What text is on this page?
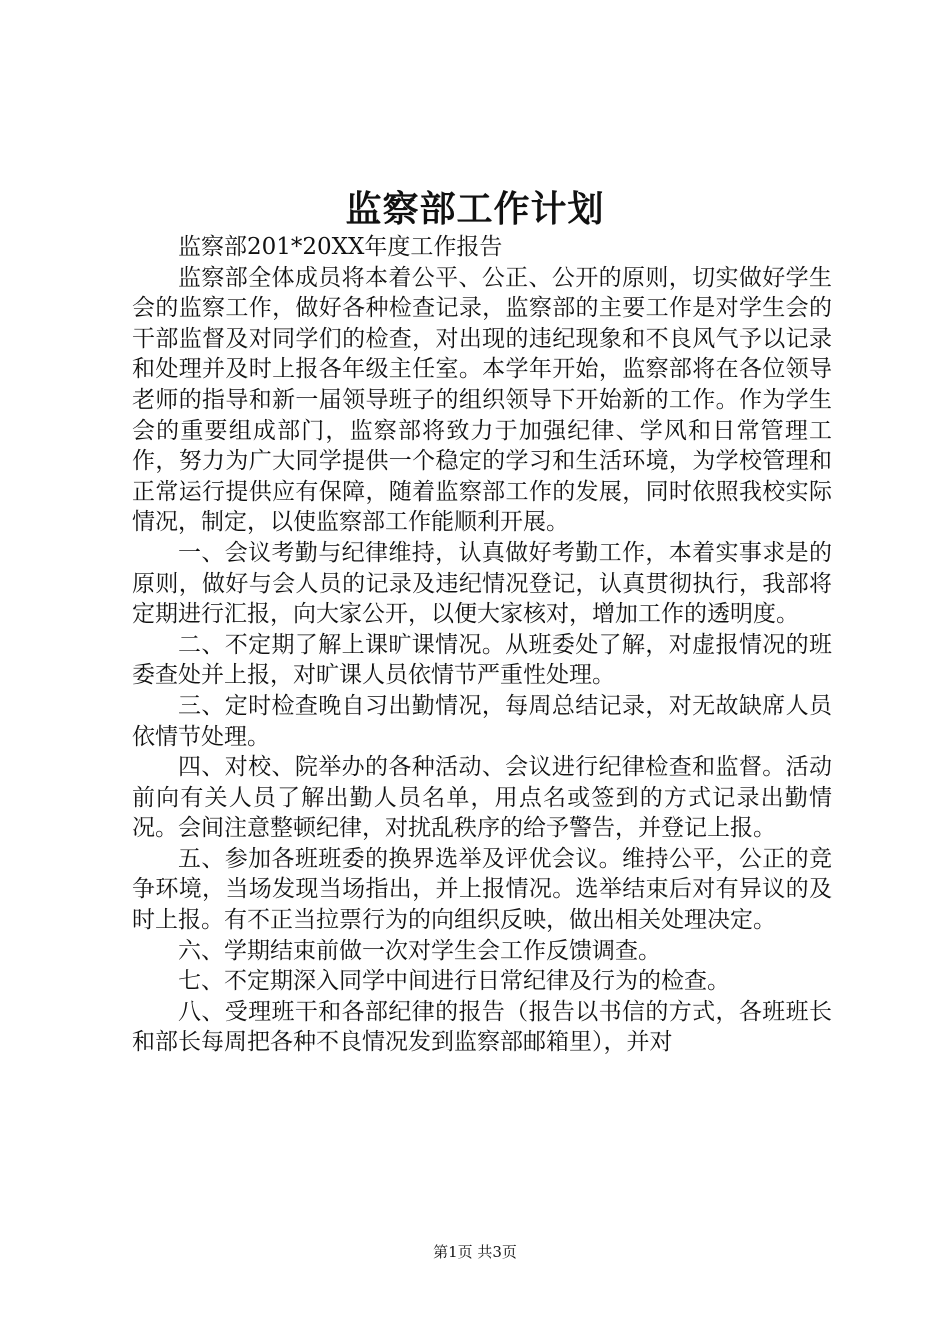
监察部工作计划

监察部201*20XX年度工作报告

监察部全体成员将本着公平、公正、公开的原则，切实做好学生会的监察工作，做好各种检查记录，监察部的主要工作是对学生会的干部监督及对同学们的检查，对出现的违纪现象和不良风气予以记录和处理并及时上报各年级主任室。本学年开始，监察部将在各位领导老师的指导和新一届领导班子的组织领导下开始新的工作。作为学生会的重要组成部门，监察部将致力于加强纪律、学风和日常管理工作，努力为广大同学提供一个稳定的学习和生活环境，为学校管理和正常运行提供应有保障，随着监察部工作的发展，同时依照我校实际情况，制定，以使监察部工作能顺利开展。

一、会议考勤与纪律维持，认真做好考勤工作，本着实事求是的原则，做好与会人员的记录及违纪情况登记，认真贯彻执行，我部将定期进行汇报，向大家公开，以便大家核对，增加工作的透明度。

二、不定期了解上课旷课情况。从班委处了解，对虚报情况的班委查处并上报，对旷课人员依情节严重性处理。

三、定时检查晚自习出勤情况，每周总结记录，对无故缺席人员依情节处理。

四、对校、院举办的各种活动、会议进行纪律检查和监督。活动前向有关人员了解出勤人员名单，用点名或签到的方式记录出勤情况。会间注意整顿纪律，对扰乱秩序的给予警告，并登记上报。

五、参加各班班委的换界选举及评优会议。维持公平，公正的竞争环境，当场发现当场指出，并上报情况。选举结束后对有异议的及时上报。有不正当拉票行为的向组织反映，做出相关处理决定。

六、学期结束前做一次对学生会工作反馈调查。

七、不定期深入同学中间进行日常纪律及行为的检查。

八、受理班干和各部纪律的报告（报告以书信的方式，各班班长和部长每周把各种不良情况发到监察部邮箱里），并对

第1页 共3页
